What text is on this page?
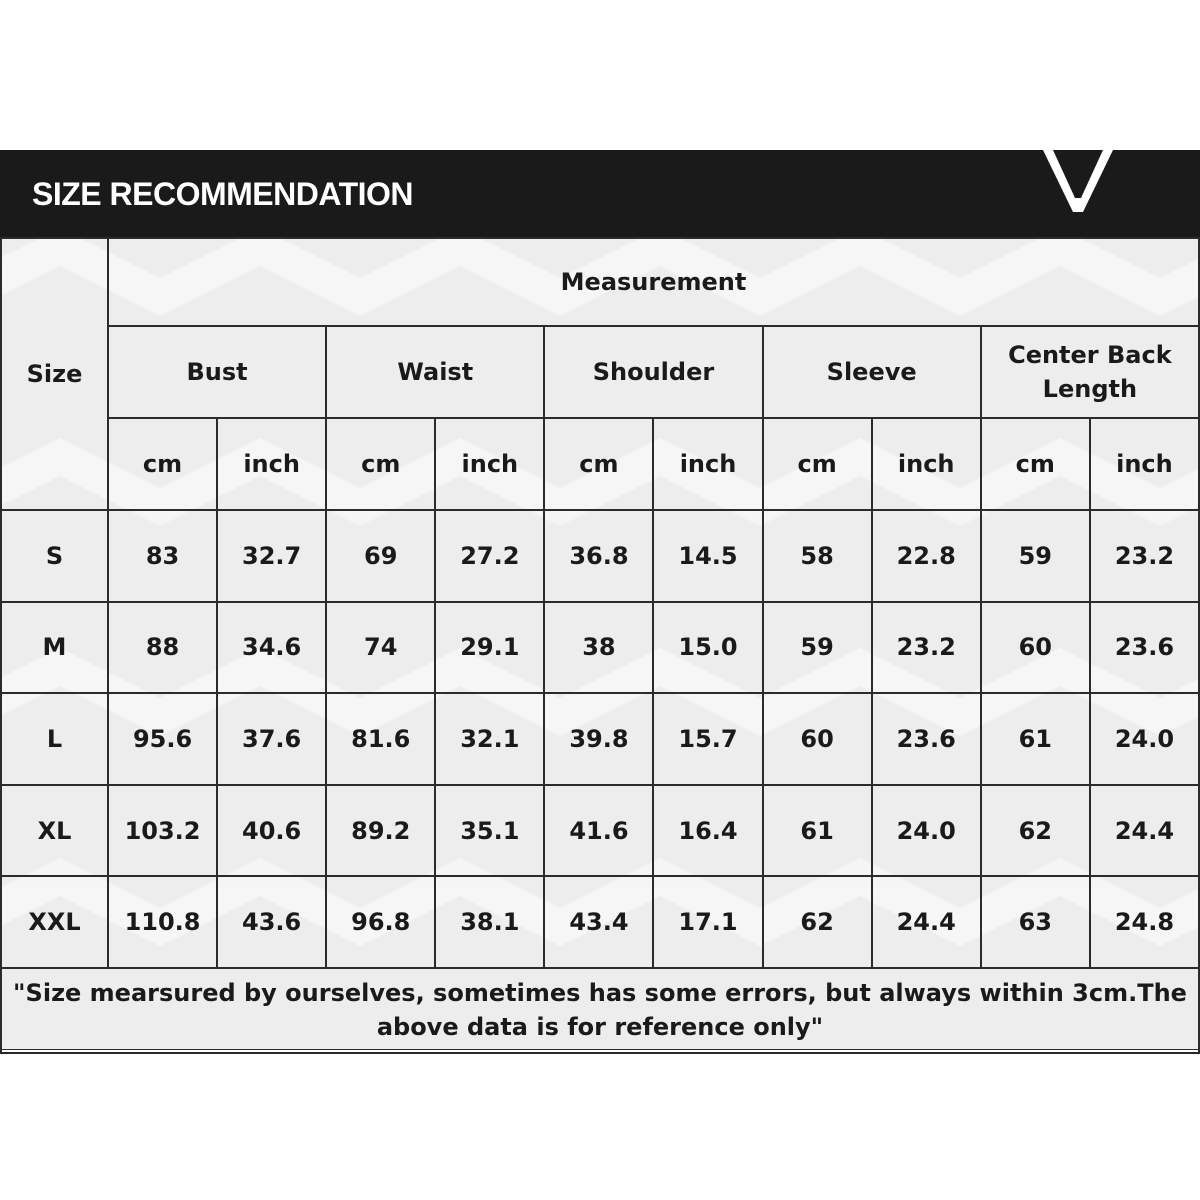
SIZE RECOMMENDATION
Size	Measurement									
	Bust		Waist		Shoulder		Sleeve		Center Back
Length	
	cm	inch	cm	inch	cm	inch	cm	inch	cm	inch
S	83	32.7	69	27.2	36.8	14.5	58	22.8	59	23.2
M	88	34.6	74	29.1	38	15.0	59	23.2	60	23.6
L	95.6	37.6	81.6	32.1	39.8	15.7	60	23.6	61	24.0
XL	103.2	40.6	89.2	35.1	41.6	16.4	61	24.0	62	24.4
XXL	110.8	43.6	96.8	38.1	43.4	17.1	62	24.4	63	24.8
"Size mearsured by ourselves, sometimes has some errors, but always within 3cm.The above data is for reference only"										
